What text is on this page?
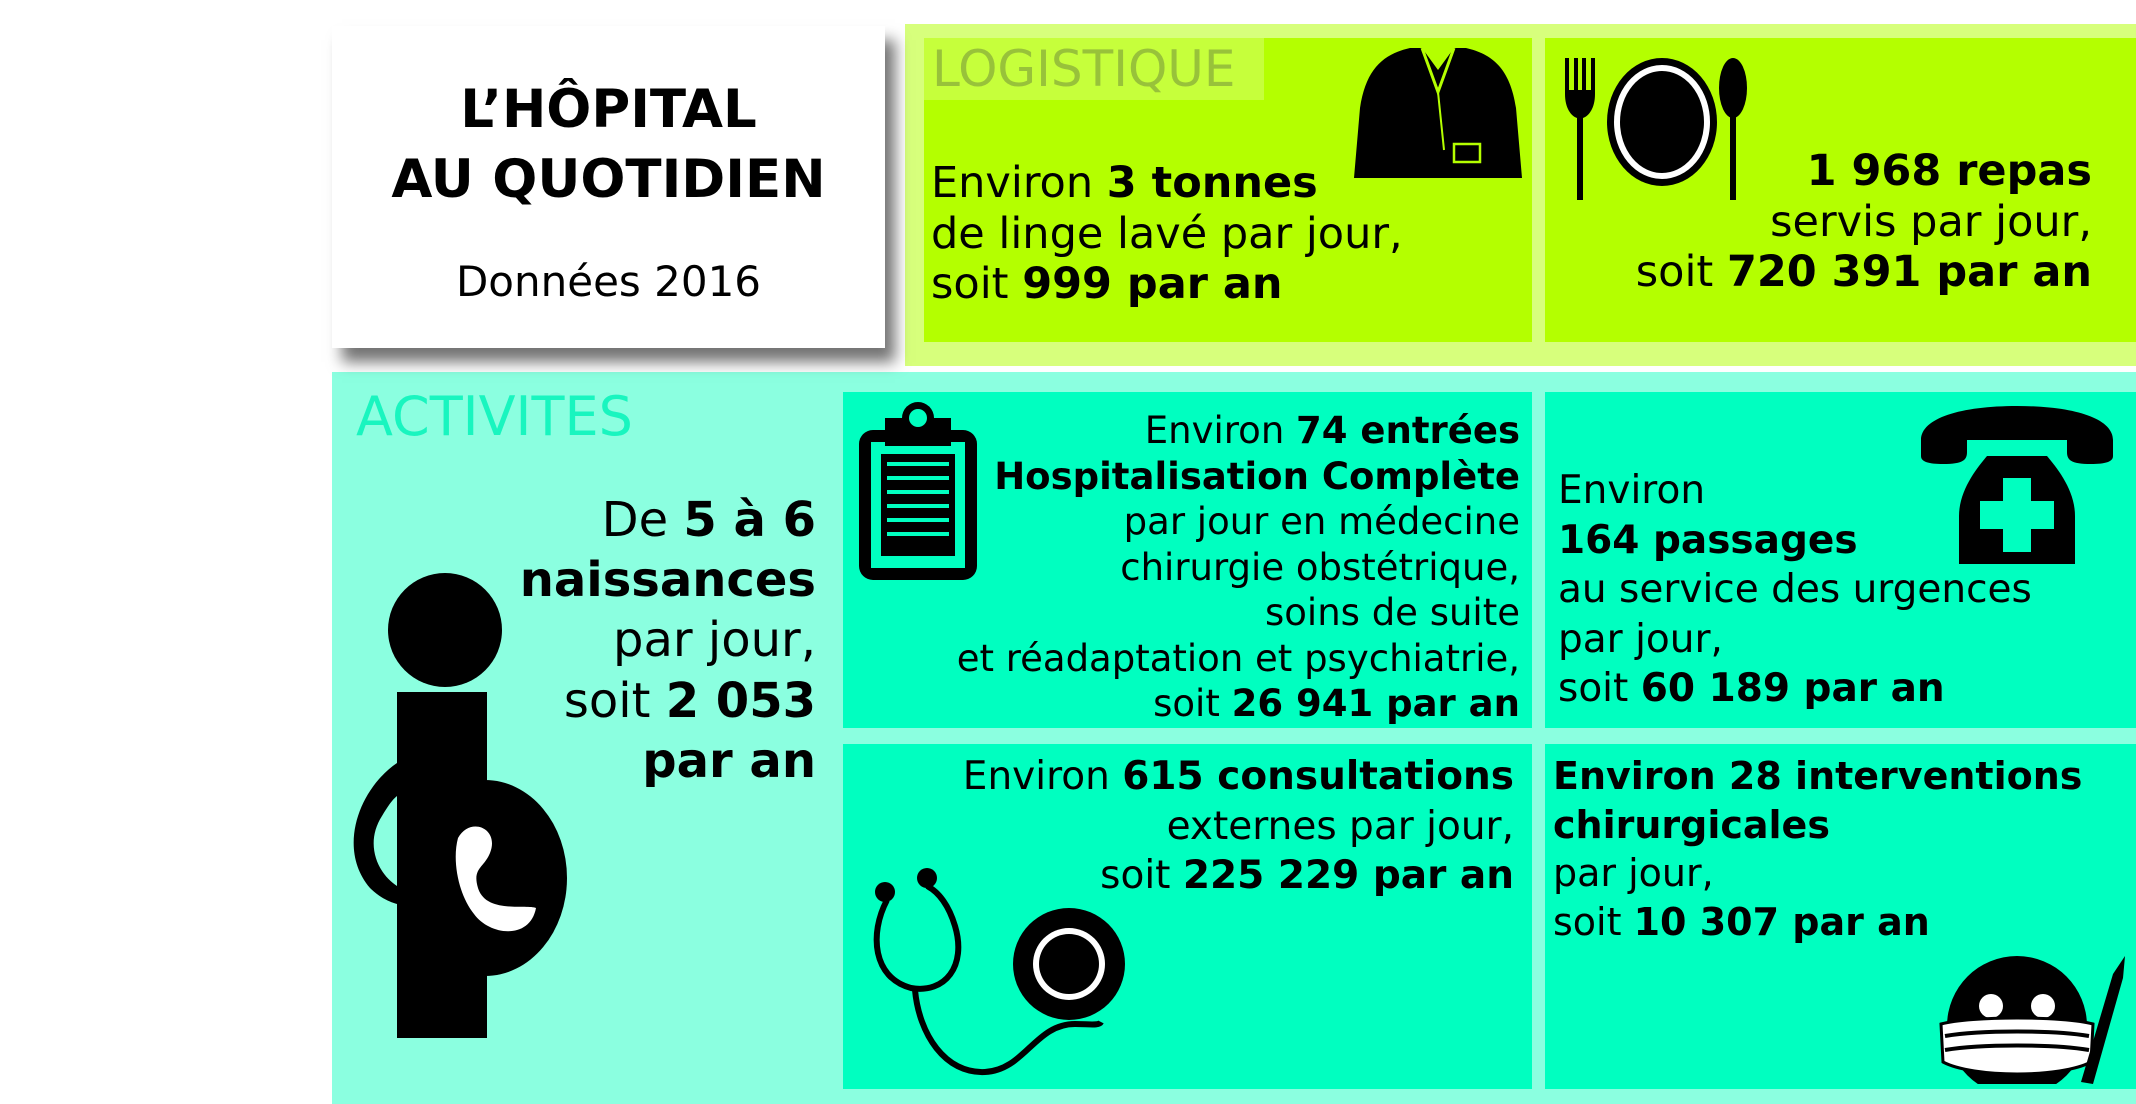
L’HÔPITAL
AU QUOTIDIEN
Données 2016
LOGISTIQUE
Environ 3 tonnes
de linge lavé par jour,
soit 999 par an
1 968 repas
servis par jour,
soit 720 391 par an
ACTIVITES
De 5 à 6
naissances
par jour,
soit 2 053
par an
Environ 74 entrées
Hospitalisation Complète
par jour en médecine
chirurgie obstétrique,
soins de suite
et réadaptation et psychiatrie,
soit 26 941 par an
Environ
164 passages
au service des urgences
par jour,
soit 60 189 par an
Environ 615 consultations
externes par jour,
soit 225 229 par an
Environ 28 interventions
chirurgicales
par jour,
soit 10 307 par an
